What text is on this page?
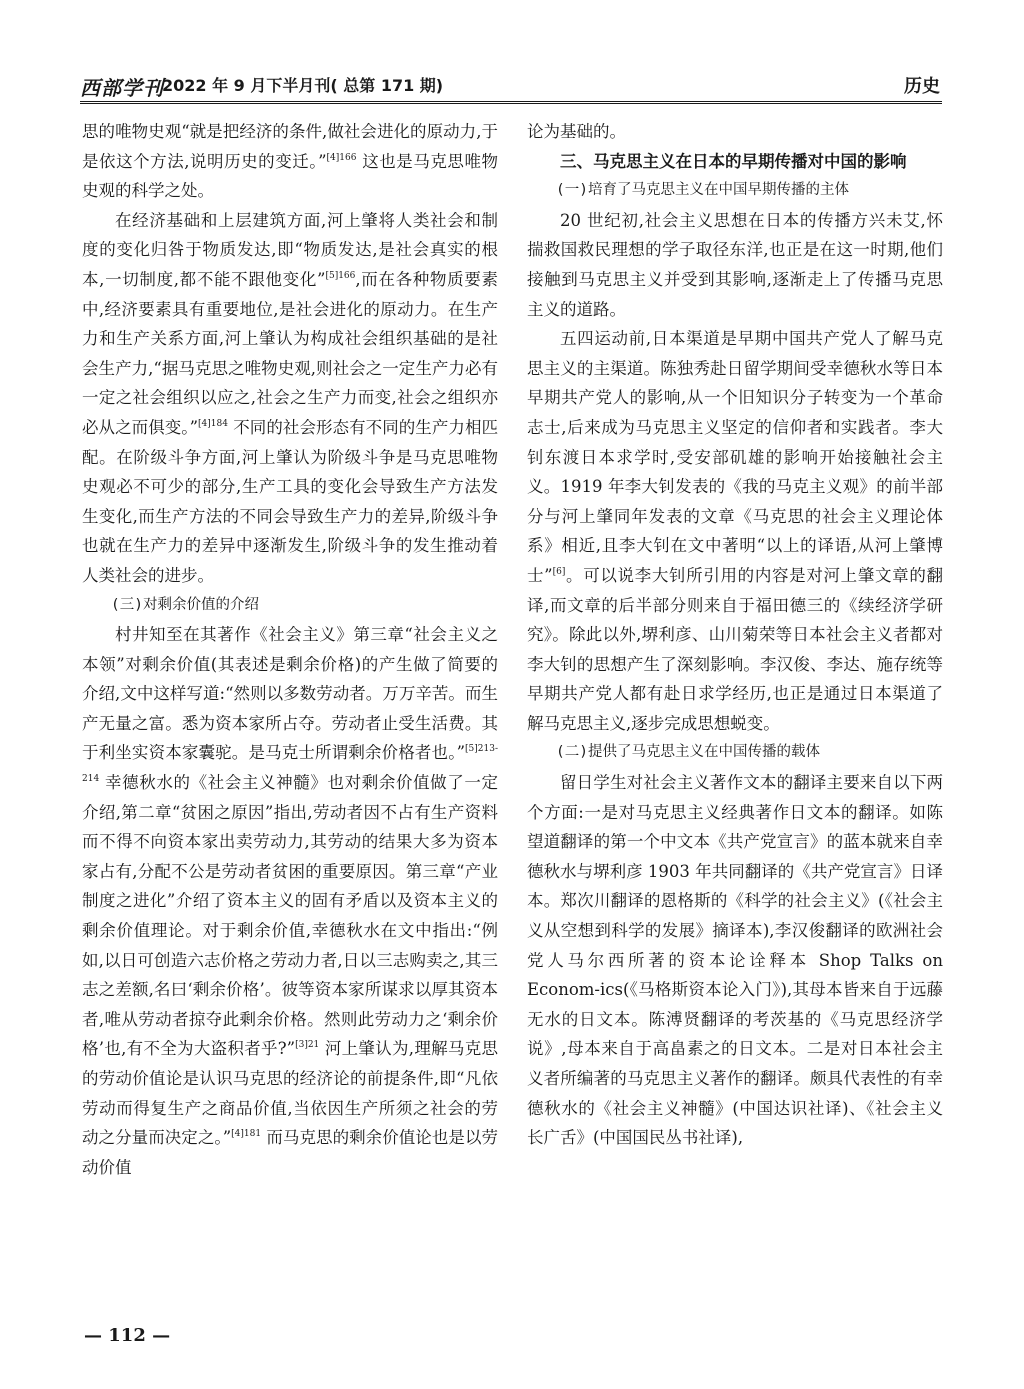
西部学刊
2022 年 9 月下半月刊( 总第 171 期)	历史

思的唯物史观“就是把经济的条件,做社会进化的原动力,于是依这个方法,说明历史的变迁。”$^{[4]166}$ 这也是马克思唯物史观的科学之处。

在经济基础和上层建筑方面,河上肇将人类社会和制度的变化归咎于物质发达,即“物质发达,是社会真实的根本,一切制度,都不能不跟他变化”$^{[5]166}$,而在各种物质要素中,经济要素具有重要地位,是社会进化的原动力。在生产力和生产关系方面,河上肇认为构成社会组织基础的是社会生产力,“据马克思之唯物史观,则社会之一定生产力必有一定之社会组织以应之,社会之生产力而变,社会之组织亦必从之而俱变。”$^{[4]184}$ 不同的社会形态有不同的生产力相匹配。在阶级斗争方面,河上肇认为阶级斗争是马克思唯物史观必不可少的部分,生产工具的变化会导致生产方法发生变化,而生产方法的不同会导致生产力的差异,阶级斗争也就在生产力的差异中逐渐发生,阶级斗争的发生推动着人类社会的进步。

(三)对剩余价值的介绍

村井知至在其著作《社会主义》第三章“社会主义之本领”对剩余价值(其表述是剩余价格)的产生做了简要的介绍,文中这样写道:“然则以多数劳动者。万万辛苦。而生产无量之富。悉为资本家所占夺。劳动者止受生活费。其于利坐实资本家囊驼。是马克士所谓剩余价格者也。”$^{[5]213-214}$ 幸德秋水的《社会主义神髓》也对剩余价值做了一定介绍,第二章“贫困之原因”指出,劳动者因不占有生产资料而不得不向资本家出卖劳动力,其劳动的结果大多为资本家占有,分配不公是劳动者贫困的重要原因。第三章“产业制度之进化”介绍了资本主义的固有矛盾以及资本主义的剩余价值理论。对于剩余价值,幸德秋水在文中指出:“例如,以日可创造六志价格之劳动力者,日以三志购卖之,其三志之差额,名曰‘剩余价格’。彼等资本家所谋求以厚其资本者,唯从劳动者掠夺此剩余价格。然则此劳动力之‘剩余价格’也,有不全为大盗积者乎?”$^{[3]21}$ 河上肇认为,理解马克思的劳动价值论是认识马克思的经济论的前提条件,即“凡依劳动而得复生产之商品价值,当依因生产所须之社会的劳动之分量而决定之。”$^{[4]181}$ 而马克思的剩余价值论也是以劳动价值

论为基础的。

三、马克思主义在日本的早期传播对中国的影响

(一)培育了马克思主义在中国早期传播的主体

20 世纪初,社会主义思想在日本的传播方兴未艾,怀揣救国救民理想的学子取径东洋,也正是在这一时期,他们接触到马克思主义并受到其影响,逐渐走上了传播马克思主义的道路。

五四运动前,日本渠道是早期中国共产党人了解马克思主义的主渠道。陈独秀赴日留学期间受幸德秋水等日本早期共产党人的影响,从一个旧知识分子转变为一个革命志士,后来成为马克思主义坚定的信仰者和实践者。李大钊东渡日本求学时,受安部矶雄的影响开始接触社会主义。1919 年李大钊发表的《我的马克主义观》的前半部分与河上肇同年发表的文章《马克思的社会主义理论体系》相近,且李大钊在文中著明“以上的译语,从河上肇博士”[6]。可以说李大钊所引用的内容是对河上肇文章的翻译,而文章的后半部分则来自于福田德三的《续经济学研究》。除此以外,堺利彦、山川菊荣等日本社会主义者都对李大钊的思想产生了深刻影响。李汉俊、李达、施存统等早期共产党人都有赴日求学经历,也正是通过日本渠道了解马克思主义,逐步完成思想蜕变。

(二)提供了马克思主义在中国传播的载体

留日学生对社会主义著作文本的翻译主要来自以下两个方面:一是对马克思主义经典著作日文本的翻译。如陈望道翻译的第一个中文本《共产党宣言》的蓝本就来自幸德秋水与堺利彦 1903 年共同翻译的《共产党宣言》日译本。郑次川翻译的恩格斯的《科学的社会主义》(《社会主义从空想到科学的发展》摘译本),李汉俊翻译的欧洲社会党人马尔西所著的资本论诠释本 Shop Talks on Econom-ics(《马格斯资本论入门》),其母本皆来自于远藤无水的日文本。陈溥贤翻译的考茨基的《马克思经济学说》,母本来自于高畠素之的日文本。二是对日本社会主义者所编著的马克思主义著作的翻译。颇具代表性的有幸德秋水的《社会主义神髓》(中国达识社译)、《社会主义长广舌》(中国国民丛书社译),

— 112 —
